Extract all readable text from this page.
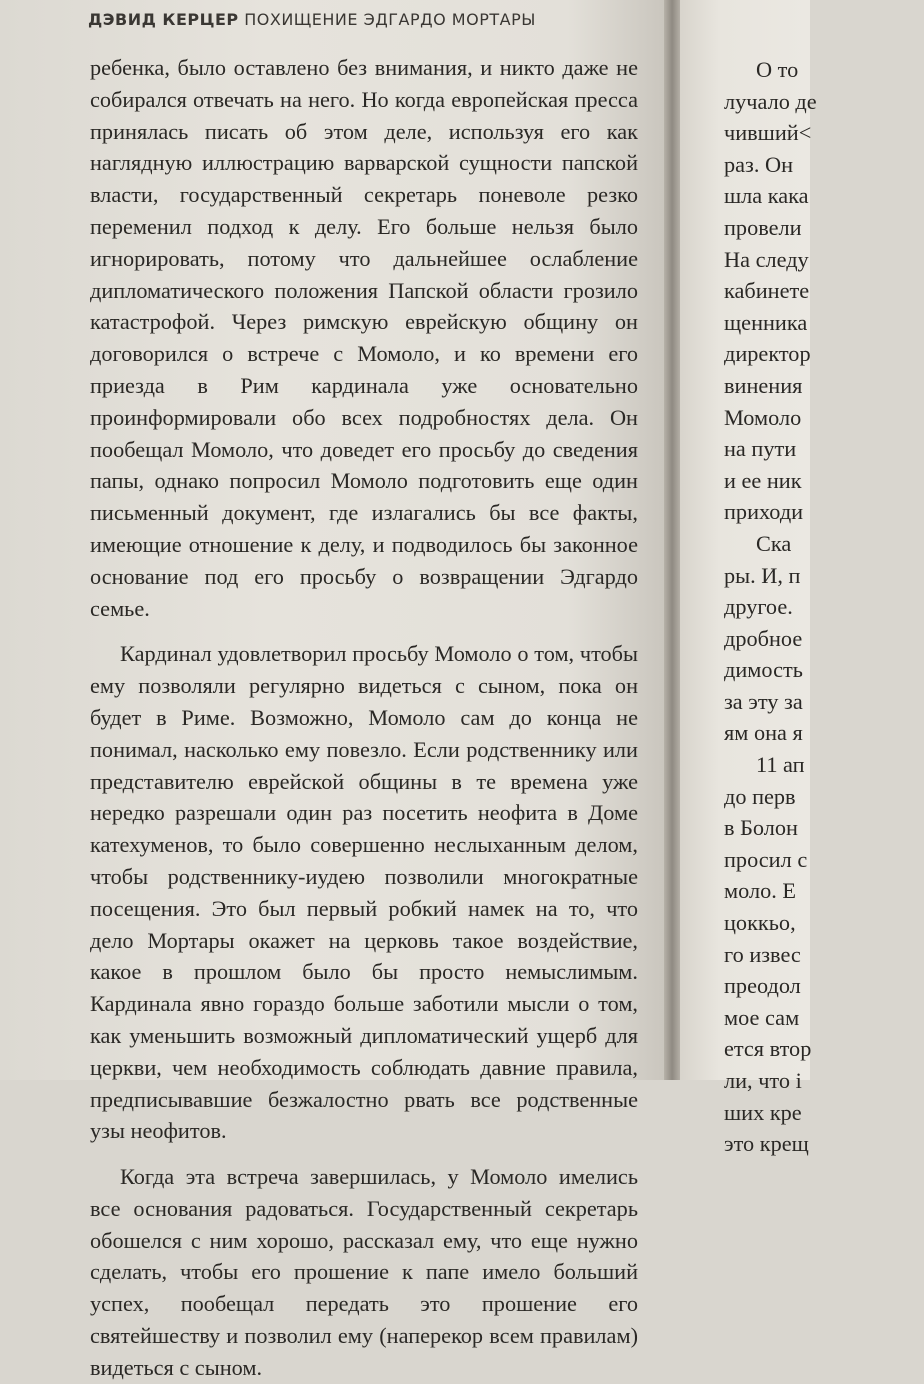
ДЭВИД КЕРЦЕР ПОХИЩЕНИЕ ЭДГАРДО МОРТАРЫ

ребенка, было оставлено без внимания, и никто даже не собирался отвечать на него. Но когда европейская пресса принялась писать об этом деле, используя его как наглядную иллюстрацию варварской сущности папской власти, государственный секретарь поневоле резко переменил подход к делу. Его больше нельзя было игнорировать, потому что дальнейшее ослабление дипломатического положения Папской области грозило катастрофой. Через римскую еврейскую общину он договорился о встрече с Момоло, и ко времени его приезда в Рим кардинала уже основательно проинформировали обо всех подробностях дела. Он пообещал Момоло, что доведет его просьбу до сведения папы, однако попросил Момоло подготовить еще один письменный документ, где излагались бы все факты, имеющие отношение к делу, и подводилось бы законное основание под его просьбу о возвращении Эдгардо семье.

Кардинал удовлетворил просьбу Момоло о том, чтобы ему позволяли регулярно видеться с сыном, пока он будет в Риме. Возможно, Момоло сам до конца не понимал, насколько ему повезло. Если родственнику или представителю еврейской общины в те времена уже нередко разрешали один раз посетить неофита в Доме катехуменов, то было совершенно неслыханным делом, чтобы родственнику-иудею позволили многократные посещения. Это был первый робкий намек на то, что дело Мортары окажет на церковь такое воздействие, какое в прошлом было бы просто немыслимым. Кардинала явно гораздо больше заботили мысли о том, как уменьшить возможный дипломатический ущерб для церкви, чем необходимость соблюдать давние правила, предписывавшие безжалостно рвать все родственные узы неофитов.

Когда эта встреча завершилась, у Момоло имелись все основания радоваться. Государственный секретарь обошелся с ним хорошо, рассказал ему, что еще нужно сделать, чтобы его прошение к папе имело больший успех, пообещал передать это прошение его святейшеству и позволил ему (наперекор всем правилам) видеться с сыном.

О то
лучало де
чивший<
раз. Он
шла кака
провели
На следу
кабинете
щенника
директор
винения
Момоло
на пути
и ее ник
приходи
Ска
ры. И, п
другое.
дробное
димость
за эту за
ям она я
11 ап
до перв
в Болон
просил с
моло. Е
цоккьо,
го извес
преодол
мое сам
ется втор
ли, что і
ших кре
это крещ
